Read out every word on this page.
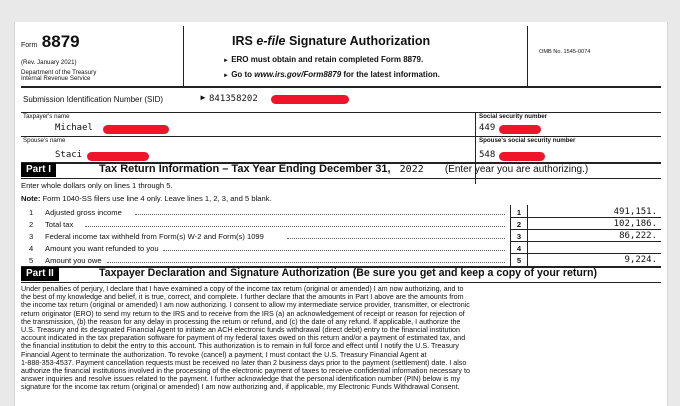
Form 8879
(Rev. January 2021)
Department of the Treasury
Internal Revenue Service
IRS e-file Signature Authorization
► ERO must obtain and retain completed Form 8879.
► Go to www.irs.gov/Form8879 for the latest information.
OMB No. 1545-0074
Submission Identification Number (SID)	► 841358202
Taxpayer's name
Michael
Social security number
449
Spouse's name
Staci
Spouse's social security number
548
Part I	Tax Return Information – Tax Year Ending December 31, 2022 (Enter year you are authorizing.)
Enter whole dollars only on lines 1 through 5.
Note: Form 1040-SS filers use line 4 only. Leave lines 1, 2, 3, and 5 blank.
1 Adjusted gross income	1	491,151.
2 Total tax	2	102,186.
3 Federal income tax withheld from Form(s) W-2 and Form(s) 1099	3	86,222.
4 Amount you want refunded to you	4
5 Amount you owe	5	9,224.
Part II	Taxpayer Declaration and Signature Authorization (Be sure you get and keep a copy of your return)
Under penalties of perjury, I declare that I have examined a copy of the income tax return (original or amended) I am now authorizing, and to
the best of my knowledge and belief, it is true, correct, and complete. I further declare that the amounts in Part I above are the amounts from
the income tax return (original or amended) I am now authorizing. I consent to allow my intermediate service provider, transmitter, or electronic
return originator (ERO) to send my return to the IRS and to receive from the IRS (a) an acknowledgement of receipt or reason for rejection of
the transmission, (b) the reason for any delay in processing the return or refund, and (c) the date of any refund. If applicable, I authorize the
U.S. Treasury and its designated Financial Agent to initiate an ACH electronic funds withdrawal (direct debit) entry to the financial institution
account indicated in the tax preparation software for payment of my federal taxes owed on this return and/or a payment of estimated tax, and
the financial institution to debit the entry to this account. This authorization is to remain in full force and effect until I notify the U.S. Treasury
Financial Agent to terminate the authorization. To revoke (cancel) a payment, I must contact the U.S. Treasury Financial Agent at
1-888-353-4537. Payment cancellation requests must be received no later than 2 business days prior to the payment (settlement) date. I also
authorize the financial institutions involved in the processing of the electronic payment of taxes to receive confidential information necessary to
answer inquiries and resolve issues related to the payment. I further acknowledge that the personal identification number (PIN) below is my
signature for the income tax return (original or amended) I am now authorizing and, if applicable, my Electronic Funds Withdrawal Consent.
